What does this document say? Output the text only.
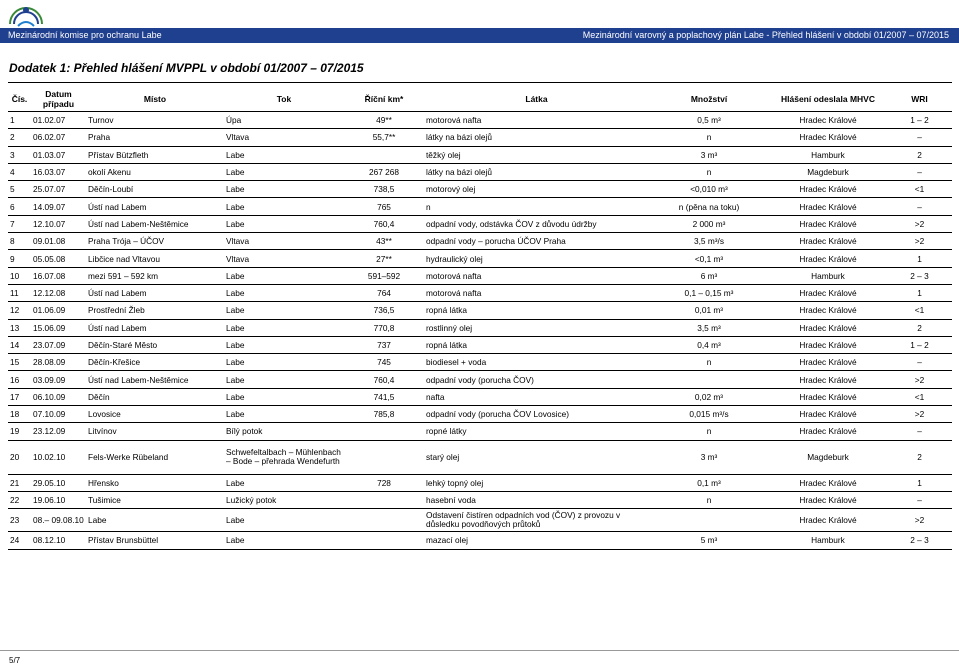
Mezinárodní komise pro ochranu Labe	Mezinárodní varovný a poplachový plán Labe - Přehled hlášení v období 01/2007 – 07/2015
Dodatek 1: Přehled hlášení MVPPL v období 01/2007 – 07/2015
Čís.	Datum případu	Místo	Tok	Říční km*	Látka	Množství	Hlášení odeslala MHVC	WRI
1	01.02.07	Turnov	Úpa	49**	motorová nafta	0,5 m³	Hradec Králové	1 – 2
2	06.02.07	Praha	Vltava	55,7**	látky na bázi olejů	n	Hradec Králové	–
3	01.03.07	Přístav Bützfleth	Labe		těžký olej	3 m³	Hamburk	2
4	16.03.07	okolí Akenu	Labe	267 268	látky na bázi olejů	n	Magdeburk	–
5	25.07.07	Děčín-Loubí	Labe	738,5	motorový olej	<0,010 m³	Hradec Králové	<1
6	14.09.07	Ústí nad Labem	Labe	765	n	n (pěna na toku)	Hradec Králové	–
7	12.10.07	Ústí nad Labem-Neštěmice	Labe	760,4	odpadní vody, odstávka ČOV z důvodu údržby	2 000 m³	Hradec Králové	>2
8	09.01.08	Praha Trója – ÚČOV	Vltava	43**	odpadní vody – porucha ÚČOV Praha	3,5 m³/s	Hradec Králové	>2
9	05.05.08	Libčice nad Vltavou	Vltava	27**	hydraulický olej	<0,1 m³	Hradec Králové	1
10	16.07.08	mezi 591 – 592 km	Labe	591–592	motorová nafta	6 m³	Hamburk	2 – 3
11	12.12.08	Ústí nad Labem	Labe	764	motorová nafta	0,1 – 0,15 m³	Hradec Králové	1
12	01.06.09	Prostřední Žleb	Labe	736,5	ropná látka	0,01 m³	Hradec Králové	<1
13	15.06.09	Ústí nad Labem	Labe	770,8	rostlinný olej	3,5 m³	Hradec Králové	2
14	23.07.09	Děčín-Staré Město	Labe	737	ropná látka	0,4 m³	Hradec Králové	1 – 2
15	28.08.09	Děčín-Křešice	Labe	745	biodiesel + voda	n	Hradec Králové	–
16	03.09.09	Ústí nad Labem-Neštěmice	Labe	760,4	odpadní vody (porucha ČOV)		Hradec Králové	>2
17	06.10.09	Děčín	Labe	741,5	nafta	0,02 m³	Hradec Králové	<1
18	07.10.09	Lovosice	Labe	785,8	odpadní vody (porucha ČOV Lovosice)	0,015 m³/s	Hradec Králové	>2
19	23.12.09	Litvínov	Bílý potok		ropné látky	n	Hradec Králové	–
20	10.02.10	Fels-Werke Rübeland	Schwefeltalbach – Mühlenbach – Bode – přehrada Wendefurth		starý olej	3 m³	Magdeburk	2
21	29.05.10	Hřensko	Labe	728	lehký topný olej	0,1 m³	Hradec Králové	1
22	19.06.10	Tušimice	Lužický potok		hasební voda	n	Hradec Králové	–
23	08.– 09.08.10	Labe	Labe		Odstavení čistíren odpadních vod (ČOV) z provozu v důsledku povodňových průtoků		Hradec Králové	>2
24	08.12.10	Přístav Brunsbüttel	Labe		mazací olej	5 m³	Hamburk	2 – 3
5/7
